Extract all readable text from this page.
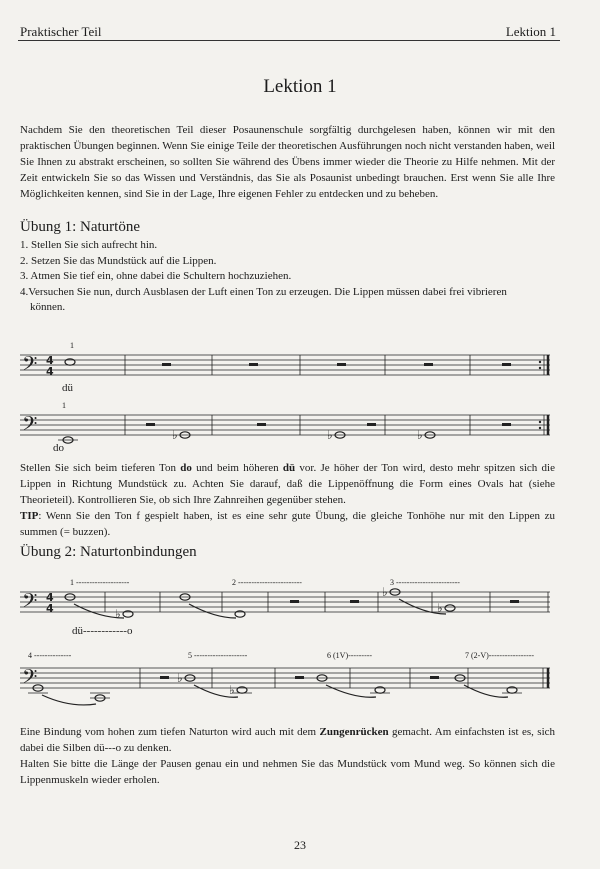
Praktischer Teil	Lektion 1
Lektion 1
Nachdem Sie den theoretischen Teil dieser Posaunenschule sorgfältig durchgelesen haben, können wir mit den praktischen Übungen beginnen. Wenn Sie einige Teile der theoretischen Ausführungen noch nicht verstanden haben, weil Sie Ihnen zu abstrakt erscheinen, so sollten Sie während des Übens immer wieder die Theorie zu Hilfe nehmen. Mit der Zeit entwickeln Sie so das Wissen und Verständnis, das Sie als Posaunist unbedingt brauchen. Erst wenn Sie alle Ihre Möglichkeiten kennen, sind Sie in der Lage, Ihre eigenen Fehler zu entdecken und zu beheben.
Übung 1: Naturtöne
1. Stellen Sie sich aufrecht hin.
2. Setzen Sie das Mundstück auf die Lippen.
3. Atmen Sie tief ein, ohne dabei die Schultern hochzuziehen.
4.Versuchen Sie nun, durch Ausblasen der Luft einen Ton zu erzeugen. Die Lippen müssen dabei frei vibrieren
können.
𝄢 4
4
𝄢
𝄢 4
4
𝄢
♭	♭	♭
♭
♭
♭
♭
♭
1
dü
1
do
Stellen Sie sich beim tieferen Ton do und beim höheren dü vor. Je höher der Ton wird, desto mehr spitzen sich die Lippen in Richtung Mundstück zu. Achten Sie darauf, daß die Lippenöffnung die Form eines Ovals hat (siehe Theorieteil). Kontrollieren Sie, ob sich Ihre Zahnreihen gegenüber stehen.
TIP: Wenn Sie den Ton f gespielt haben, ist es eine sehr gute Übung, die gleiche Tonhöhe nur mit den Lippen zu summen (= buzzen).
Übung 2: Naturtonbindungen
1 --------------------	2 ------------------------	3 ------------------------
dü------------o
4 --------------	5 --------------------	6 (1V)---------	7 (2-V)-----------------
Eine Bindung vom hohen zum tiefen Naturton wird auch mit dem Zungenrücken gemacht. Am einfachsten ist es, sich dabei die Silben dü---o zu denken.
Halten Sie bitte die Länge der Pausen genau ein und nehmen Sie das Mundstück vom Mund weg. So können sich die Lippenmuskeln wieder erholen.
23
